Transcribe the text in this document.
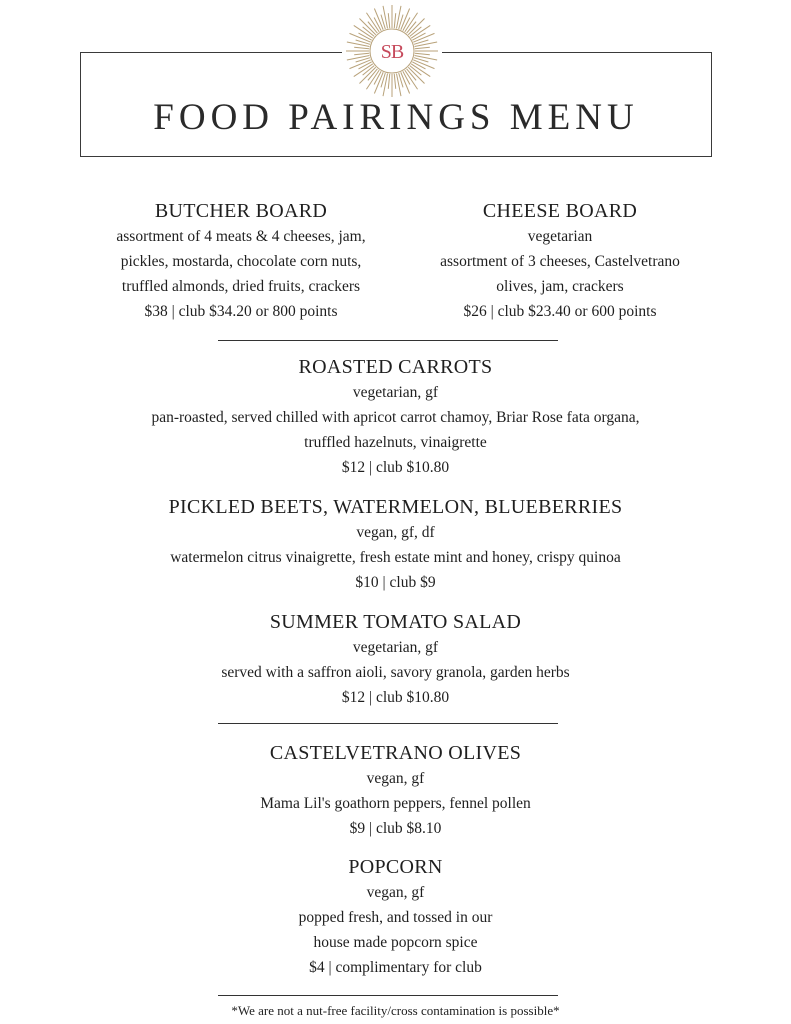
SB
FOOD PAIRINGS MENU
BUTCHER BOARD
assortment of 4 meats & 4 cheeses, jam,
pickles, mostarda, chocolate corn nuts,
truffled almonds, dried fruits, crackers
$38 | club $34.20 or 800 points
CHEESE BOARD
vegetarian
assortment of 3 cheeses, Castelvetrano
olives, jam, crackers
$26 | club $23.40 or 600 points
ROASTED CARROTS
vegetarian, gf
pan-roasted, served chilled with apricot carrot chamoy, Briar Rose fata organa,
truffled hazelnuts, vinaigrette
$12 | club $10.80
PICKLED BEETS, WATERMELON, BLUEBERRIES
vegan, gf, df
watermelon citrus vinaigrette, fresh estate mint and honey, crispy quinoa
$10 | club $9
SUMMER TOMATO SALAD
vegetarian, gf
served with a saffron aioli, savory granola, garden herbs
$12 | club $10.80
CASTELVETRANO OLIVES
vegan, gf
Mama Lil's goathorn peppers, fennel pollen
$9 | club $8.10
POPCORN
vegan, gf
popped fresh, and tossed in our
house made popcorn spice
$4 | complimentary for club
*We are not a nut-free facility/cross contamination is possible*
